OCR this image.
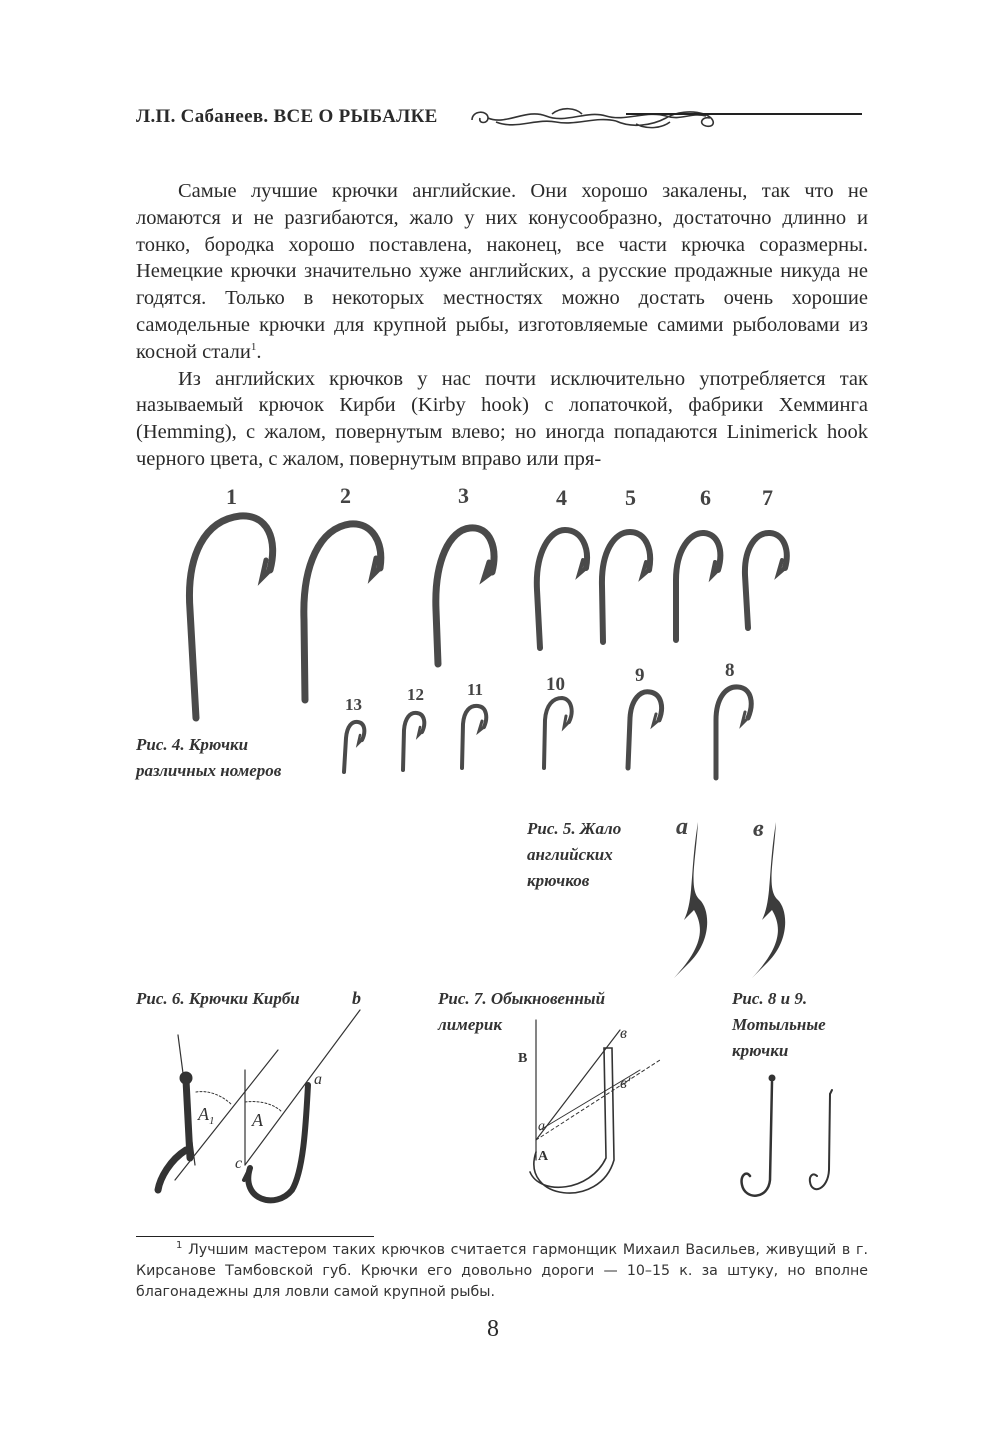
Л.П. Сабанеев. ВСЕ О РЫБАЛКЕ

Самые лучшие крючки английские. Они хорошо закалены, так что не ломаются и не разгибаются, жало у них конусообразно, достаточно длинно и тонко, бородка хорошо поставлена, наконец, все части крючка соразмерны. Немецкие крючки значительно хуже английских, а русские продажные никуда не годятся. Только в некоторых местностях можно достать очень хорошие самодельные крючки для крупной рыбы, изготовляемые самими рыболовами из косной стали$^1$.

Из английских крючков у нас почти исключительно употребляется так называемый крючок Кирби (Kirby hook) с лопаточкой, фабрики Хемминга (Hemming), с жалом, повернутым влево; но иногда попадаются Linimerick hook черного цвета, с жалом, повернутым вправо или пря-

1	2	3	4	5	6 7
8
9
10
11
12
13
а	в
b
a
$A_1$ A
c
B
в
в'
a
A
Рис. 4. Крючки
различных номеров
Рис. 5. Жало
английских
крючков
Рис. 6. Крючки Кирби	Рис. 7. Обыкновенный
лимерик
Рис. 8 и 9.
Мотыльные
крючки
$^1$ Лучшим мастером таких крючков считается гармонщик Михаил Васильев, живущий в г. Кирсанове Тамбовской губ. Крючки его довольно дороги — 10–15 к. за штуку, но вполне благонадежны для ловли самой крупной рыбы.
8
